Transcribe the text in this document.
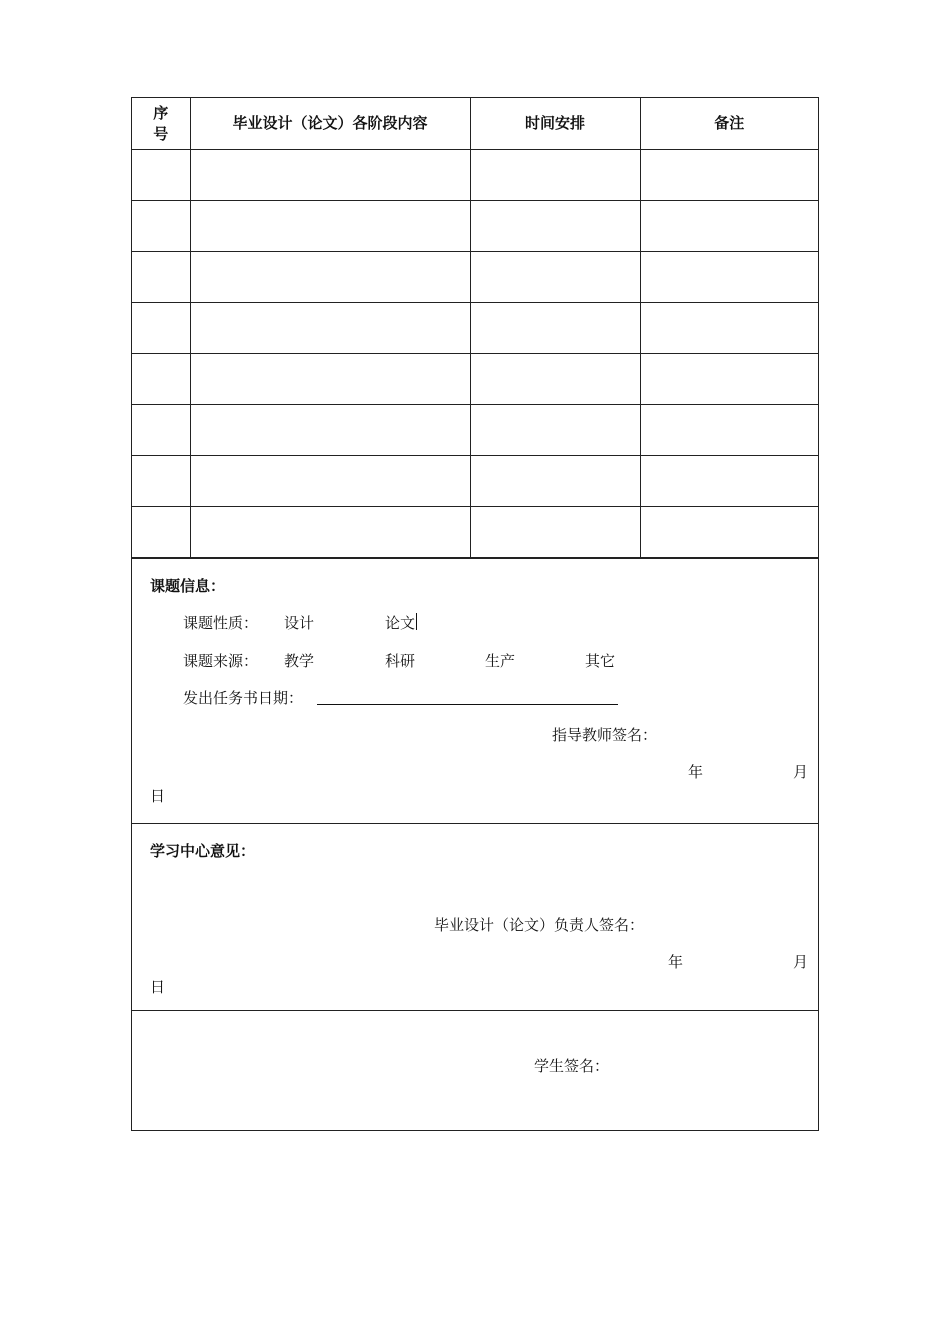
序号	毕业设计（论文）各阶段内容	时间安排	备注

课题信息：
课题性质： 设计	论文
课题来源： 教学	科研	生产	其它
发出任务书日期：
指导教师签名：
年	月
日
学习中心意见：
毕业设计（论文）负责人签名：
年	月
日
学生签名：
